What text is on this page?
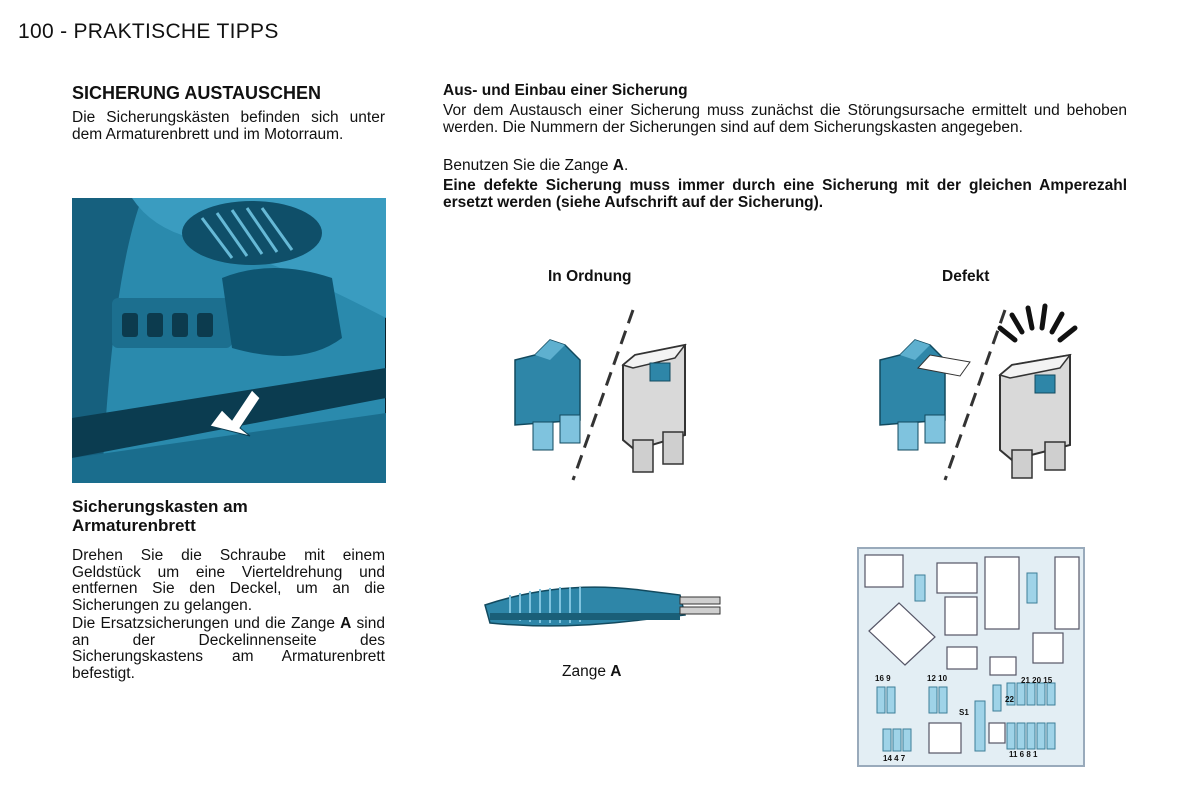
100 - PRAKTISCHE TIPPS
SICHERUNG AUSTAUSCHEN
Die Sicherungskästen befinden sich unter dem Armaturenbrett und im Motorraum.
Sicherungskasten am
Armaturenbrett
Drehen Sie die Schraube mit einem Geldstück um eine Vierteldrehung und entfernen Sie den Deckel, um an die Sicherungen zu gelangen.
Die Ersatzsicherungen und die Zange A sind an der Deckelinnenseite des Sicherungskastens am Armaturenbrett befestigt.
Aus- und Einbau einer Sicherung
Vor dem Austausch einer Sicherung muss zunächst die Störungsursache ermittelt und behoben werden. Die Nummern der Sicherungen sind auf dem Sicherungskasten angegeben.
Benutzen Sie die Zange A.
Eine defekte Sicherung muss immer durch eine Sicherung mit der gleichen Amperezahl ersetzt werden (siehe Aufschrift auf der Sicherung).
In Ordnung	Defekt
Zange A	16 9	12 10	21 20 15
22
S1
14 4 7	11 6 8 1
